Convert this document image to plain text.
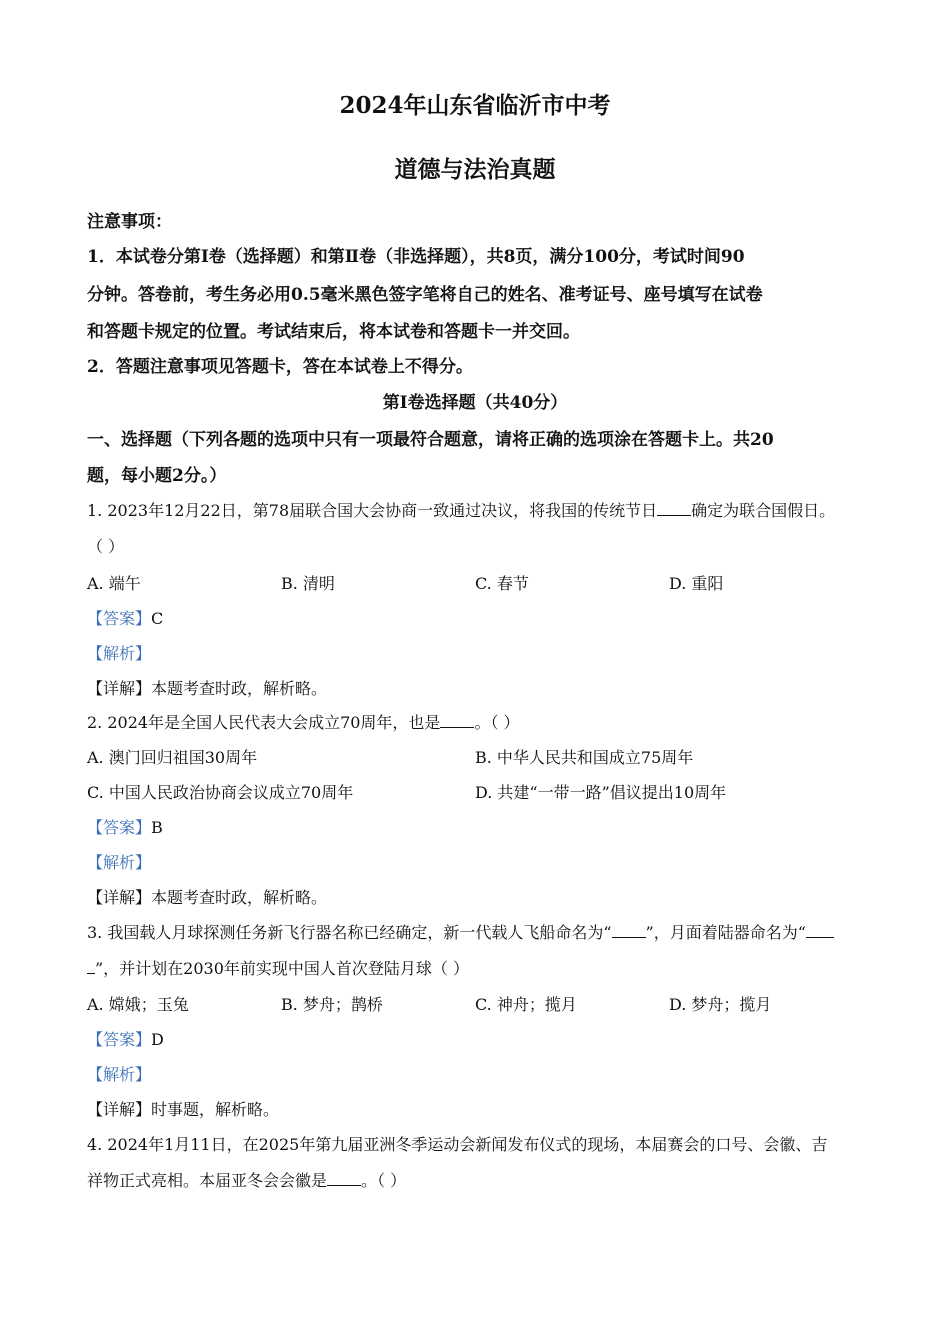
2024年山东省临沂市中考
道德与法治真题
注意事项：
1．本试卷分第Ⅰ卷（选择题）和第Ⅱ卷（非选择题），共8页，满分100分，考试时间90
分钟。答卷前，考生务必用0.5毫米黑色签字笔将自己的姓名、准考证号、座号填写在试卷
和答题卡规定的位置。考试结束后，将本试卷和答题卡一并交回。
2．答题注意事项见答题卡，答在本试卷上不得分。
第Ⅰ卷选择题（共40分）
一、选择题（下列各题的选项中只有一项最符合题意，请将正确的选项涂在答题卡上。共20
题，每小题2分。）
1. 2023年12月22日，第78届联合国大会协商一致通过决议，将我国的传统节日 确定为联合国假日。
（ ）
A. 端午	B. 清明	C. 春节	D. 重阳
【答案】C
【解析】
【详解】本题考查时政，解析略。
2. 2024年是全国人民代表大会成立70周年，也是 。（ ）
A. 澳门回归祖国30周年	B. 中华人民共和国成立75周年
C. 中国人民政治协商会议成立70周年	D. 共建“一带一路”倡议提出10周年
【答案】B
【解析】
【详解】本题考查时政，解析略。
3. 我国载人月球探测任务新飞行器名称已经确定，新一代载人飞船命名为“ ”，月面着陆器命名为“
”，并计划在2030年前实现中国人首次登陆月球（ ）
A. 嫦娥；玉兔	B. 梦舟；鹊桥	C. 神舟；揽月	D. 梦舟；揽月
【答案】D
【解析】
【详解】时事题，解析略。
4. 2024年1月11日，在2025年第九届亚洲冬季运动会新闻发布仪式的现场，本届赛会的口号、会徽、吉
祥物正式亮相。本届亚冬会会徽是 。（ ）
